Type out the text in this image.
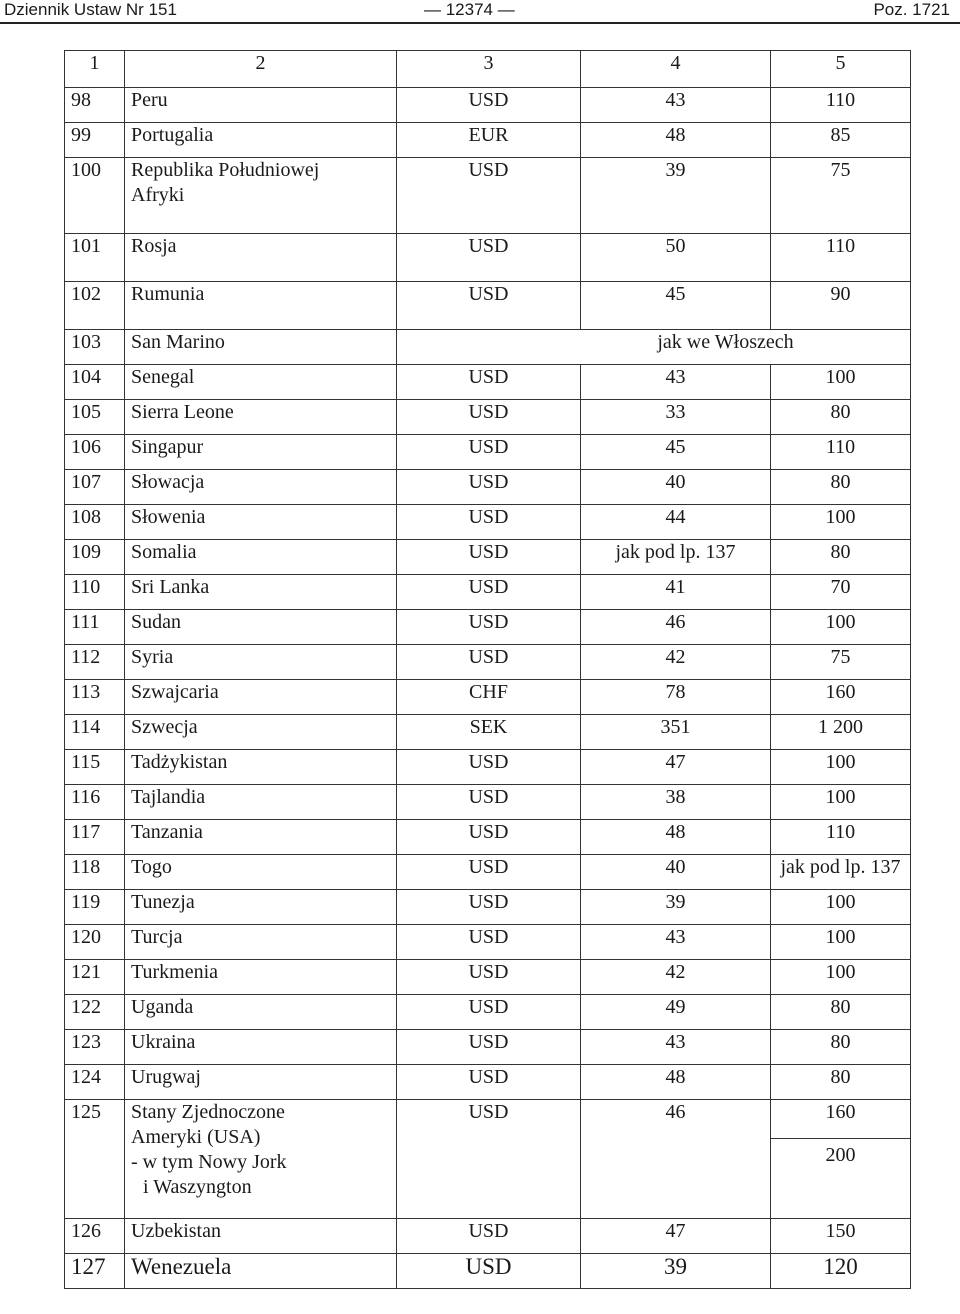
Dziennik Ustaw Nr 151	— 12374 —	Poz. 1721
1	2	3	4	5
98	Peru	USD	43	110
99	Portugalia	EUR	48	85
100	Republika Południowej
Afryki	USD	39	75
101	Rosja	USD	50	110
102	Rumunia	USD	45	90
103	San Marino	jak we Włoszech		
104	Senegal	USD	43	100
105	Sierra Leone	USD	33	80
106	Singapur	USD	45	110
107	Słowacja	USD	40	80
108	Słowenia	USD	44	100
109	Somalia	USD	jak pod lp. 137	80
110	Sri Lanka	USD	41	70
111	Sudan	USD	46	100
112	Syria	USD	42	75
113	Szwajcaria	CHF	78	160
114	Szwecja	SEK	351	1 200
115	Tadżykistan	USD	47	100
116	Tajlandia	USD	38	100
117	Tanzania	USD	48	110
118	Togo	USD	40	jak pod lp. 137
119	Tunezja	USD	39	100
120	Turcja	USD	43	100
121	Turkmenia	USD	42	100
122	Uganda	USD	49	80
123	Ukraina	USD	43	80
124	Urugwaj	USD	48	80
125	Stany Zjednoczone
Ameryki (USA)
- w tym Nowy Jork
i Waszyngton	USD	46	160
200
126	Uzbekistan	USD	47	150
127	Wenezuela	USD	39	120
